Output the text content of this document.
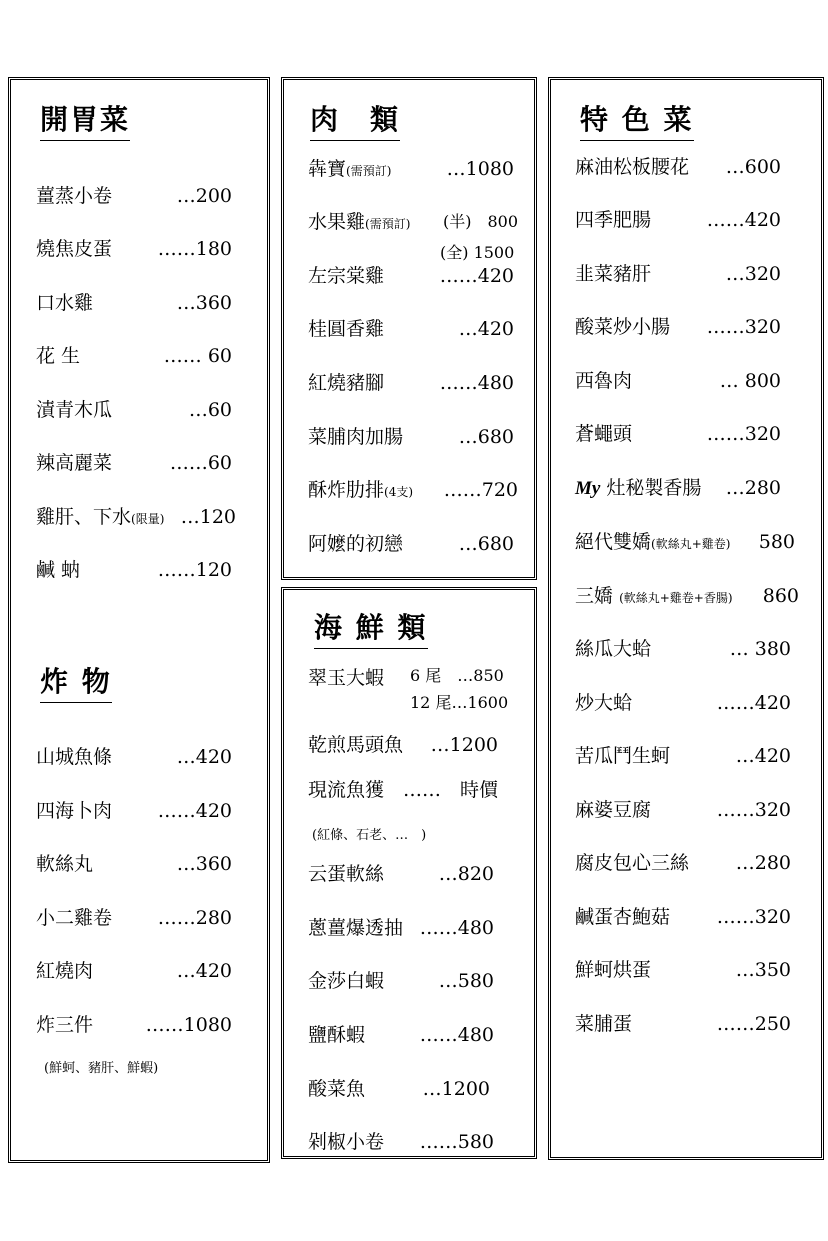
開胃菜
薑蒸小卷	…200
燒焦皮蛋 ……180
口水雞	…360
花 生	…… 60
漬青木瓜	…60
辣高麗菜	……60
雞肝、下水(限量) …120
鹹 蚋	……120
炸 物
山城魚條	…420
四海卜肉 ……420
軟絲丸	…360
小二雞卷 ……280
紅燒肉	…420
炸三件	……1080
(鮮蚵、豬肝、鮮蝦)
肉　類
犇寶(需預訂)	…1080
水果雞(需預訂) (半)　800
(全) 1500
左宗棠雞	……420
桂圓香雞	…420
紅燒豬腳	……480
菜脯肉加腸	…680
酥炸肋排(4支) ……720
阿嬤的初戀	…680
海 鮮 類
翠玉大蝦 6 尾　…850
12 尾…1600
乾煎馬頭魚 …1200
現流魚獲 ……　時價
(紅條、石老、…　)
云蛋軟絲	…820
蔥薑爆透抽 ……480
金莎白蝦	…580
鹽酥蝦	……480
酸菜魚	…1200
剁椒小卷 ……580
特 色 菜
麻油松板腰花 …600
四季肥腸	……420
韭菜豬肝	…320
酸菜炒小腸 ……320
西魯肉	… 800
蒼蠅頭	……320
My 灶秘製香腸 …280
絕代雙嬌(軟絲丸+雞卷) 580
三嬌 (軟絲丸+雞卷+香腸) 860
絲瓜大蛤	… 380
炒大蛤	……420
苦瓜鬥生蚵	…420
麻婆豆腐	……320
腐皮包心三絲 …280
鹹蛋杏鮑菇 ……320
鮮蚵烘蛋	…350
菜脯蛋	……250
